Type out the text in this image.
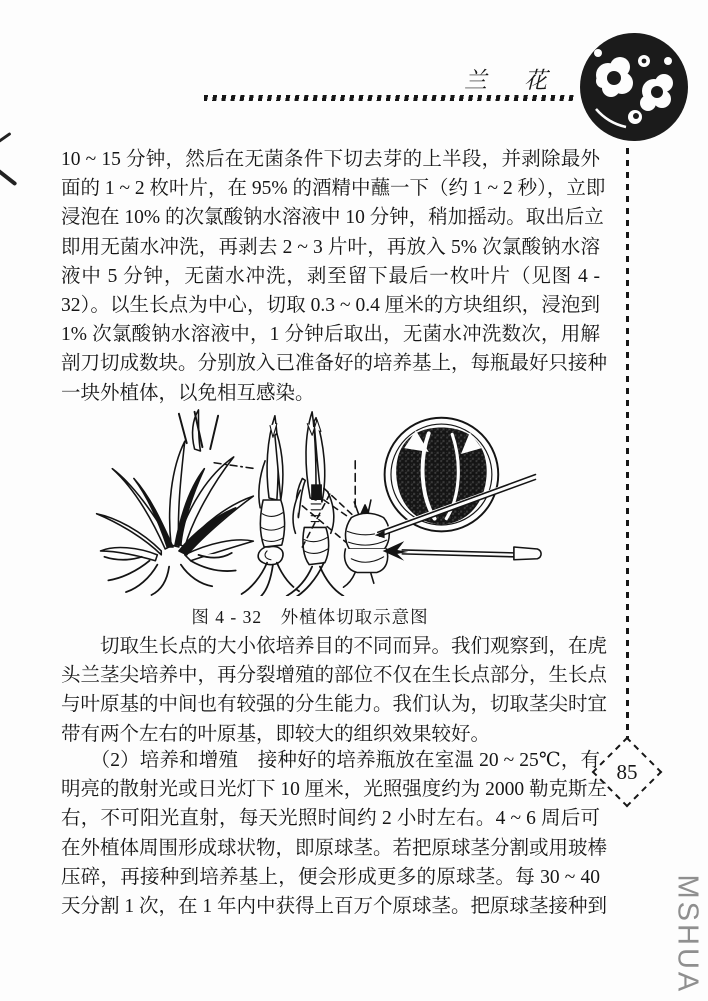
兰　花
85
10 ~ 15 分钟，然后在无菌条件下切去芽的上半段，并剥除最外
面的 1 ~ 2 枚叶片，在 95% 的酒精中蘸一下（约 1 ~ 2 秒），立即
浸泡在 10% 的次氯酸钠水溶液中 10 分钟，稍加摇动。取出后立
即用无菌水冲洗，再剥去 2 ~ 3 片叶，再放入 5% 次氯酸钠水溶
液中 5 分钟，无菌水冲洗，剥至留下最后一枚叶片（见图 4 -
32）。以生长点为中心，切取 0.3 ~ 0.4 厘米的方块组织，浸泡到
1% 次氯酸钠水溶液中，1 分钟后取出，无菌水冲洗数次，用解
剖刀切成数块。分别放入已准备好的培养基上，每瓶最好只接种
一块外植体，以免相互感染。
图 4 - 32　外植体切取示意图
　　切取生长点的大小依培养目的不同而异。我们观察到，在虎
头兰茎尖培养中，再分裂增殖的部位不仅在生长点部分，生长点
与叶原基的中间也有较强的分生能力。我们认为，切取茎尖时宜
带有两个左右的叶原基，即较大的组织效果较好。
　　（2）培养和增殖　接种好的培养瓶放在室温 20 ~ 25℃，有
明亮的散射光或日光灯下 10 厘米，光照强度约为 2000 勒克斯左
右，不可阳光直射，每天光照时间约 2 小时左右。4 ~ 6 周后可
在外植体周围形成球状物，即原球茎。若把原球茎分割或用玻棒
压碎，再接种到培养基上，便会形成更多的原球茎。每 30 ~ 40
天分割 1 次，在 1 年内中获得上百万个原球茎。把原球茎接种到 MSHUA
